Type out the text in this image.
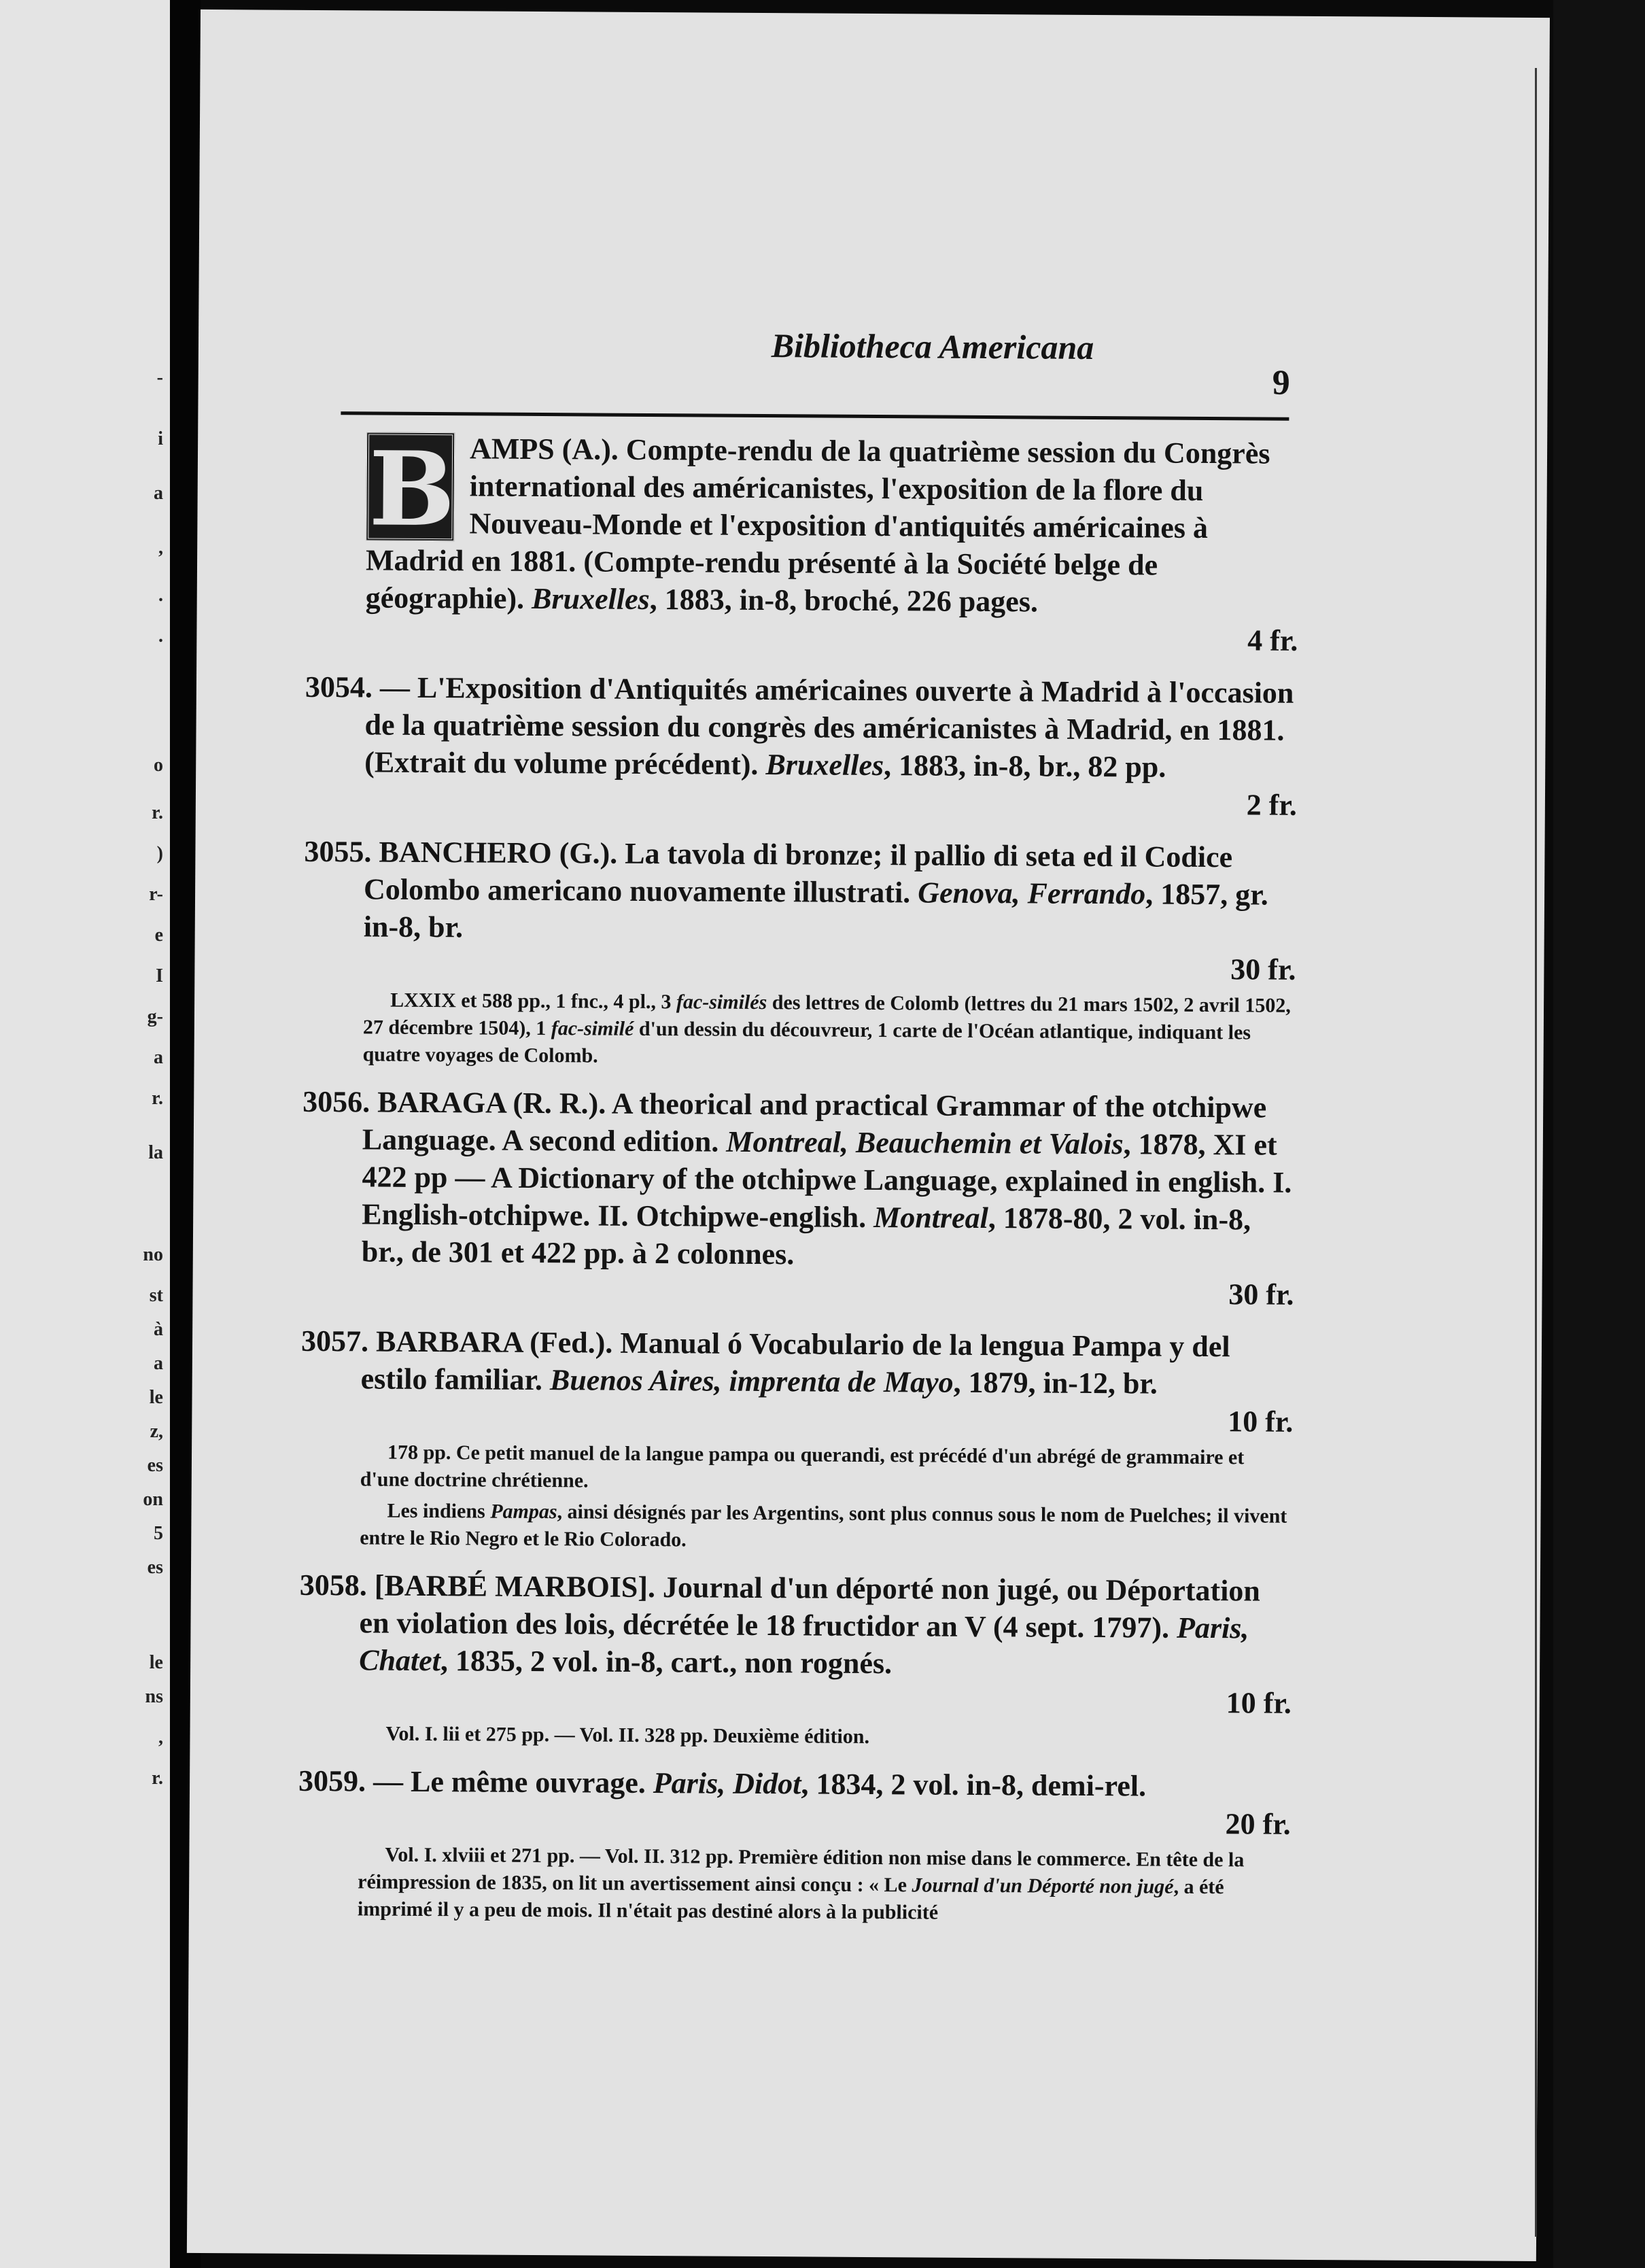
-
i
a
,
.
.
o
r.
)
r-
e
I
g-
a
r.
la
no
st
à
a
le
z,
es
on
5
es
le
ns
,
r.
Bibliotheca Americana
9
B AMPS (A.). Compte-rendu de la quatrième session du Congrès international des américanistes, l'exposition de la flore du Nouveau-Monde et l'exposition d'antiquités américaines à Madrid en 1881. (Compte-rendu présenté à la Société belge de géographie). Bruxelles, 1883, in-8, broché, 226 pages.
4 fr.
3054. — L'Exposition d'Antiquités américaines ouverte à Madrid à l'occasion de la quatrième session du congrès des américanistes à Madrid, en 1881. (Extrait du volume précédent). Bruxelles, 1883, in-8, br., 82 pp.
2 fr.
3055. BANCHERO (G.). La tavola di bronze; il pallio di seta ed il Codice Colombo americano nuovamente illustrati. Genova, Ferrando, 1857, gr. in-8, br.
30 fr.
LXXIX et 588 pp., 1 fnc., 4 pl., 3 fac-similés des lettres de Colomb (lettres du 21 mars 1502, 2 avril 1502, 27 décembre 1504), 1 fac-similé d'un dessin du découvreur, 1 carte de l'Océan atlantique, indiquant les quatre voyages de Colomb.
3056. BARAGA (R. R.). A theorical and practical Grammar of the otchipwe Language. A second edition. Montreal, Beauchemin et Valois, 1878, XI et 422 pp — A Dictionary of the otchipwe Language, explained in english. I. English-otchipwe. II. Otchipwe-english. Montreal, 1878-80, 2 vol. in-8, br., de 301 et 422 pp. à 2 colonnes.
30 fr.
3057. BARBARA (Fed.). Manual ó Vocabulario de la lengua Pampa y del estilo familiar. Buenos Aires, imprenta de Mayo, 1879, in-12, br.
10 fr.
178 pp. Ce petit manuel de la langue pampa ou querandi, est précédé d'un abrégé de grammaire et d'une doctrine chrétienne.
Les indiens Pampas, ainsi désignés par les Argentins, sont plus connus sous le nom de Puelches; il vivent entre le Rio Negro et le Rio Colorado.
3058. [BARBÉ MARBOIS]. Journal d'un déporté non jugé, ou Déportation en violation des lois, décrétée le 18 fructidor an V (4 sept. 1797). Paris, Chatet, 1835, 2 vol. in-8, cart., non rognés.
10 fr.
Vol. I. lii et 275 pp. — Vol. II. 328 pp. Deuxième édition.
3059. — Le même ouvrage. Paris, Didot, 1834, 2 vol. in-8, demi-rel.
20 fr.
Vol. I. xlviii et 271 pp. — Vol. II. 312 pp. Première édition non mise dans le commerce. En tête de la réimpression de 1835, on lit un avertissement ainsi conçu : « Le Journal d'un Déporté non jugé, a été imprimé il y a peu de mois. Il n'était pas destiné alors à la publicité
